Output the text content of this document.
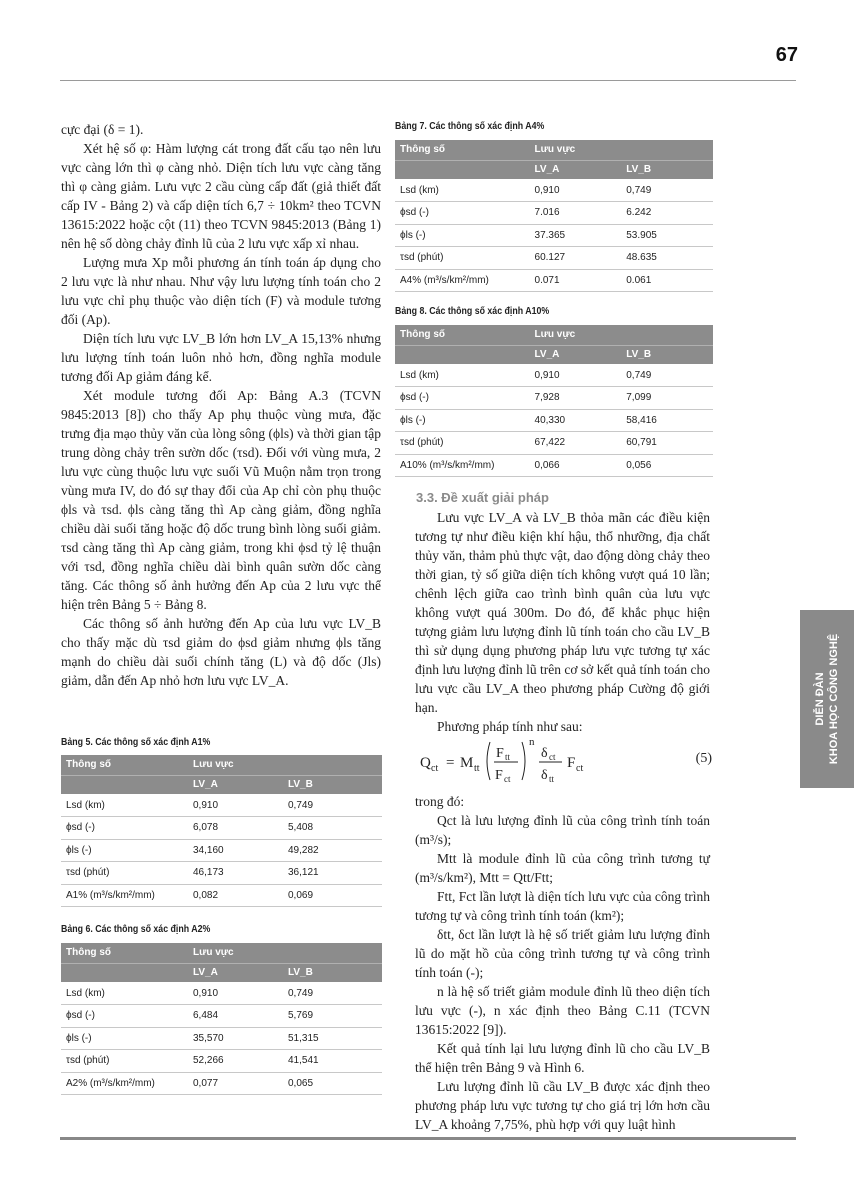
67
DIỄN ĐÀN KHOA HỌC CÔNG NGHỆ

cực đại (δ = 1).

Xét hệ số φ: Hàm lượng cát trong đất cấu tạo nên lưu vực càng lớn thì φ càng nhỏ. Diện tích lưu vực càng tăng thì φ càng giảm. Lưu vực 2 cầu cùng cấp đất (giả thiết đất cấp IV - Bảng 2) và cấp diện tích 6,7 ÷ 10km² theo TCVN 13615:2022 hoặc cột (11) theo TCVN 9845:2013 (Bảng 1) nên hệ số dòng chảy đỉnh lũ của 2 lưu vực xấp xỉ nhau.

Lượng mưa Xp mỗi phương án tính toán áp dụng cho 2 lưu vực là như nhau. Như vậy lưu lượng tính toán cho 2 lưu vực chỉ phụ thuộc vào diện tích (F) và module tương đối (Ap).

Diện tích lưu vực LV_B lớn hơn LV_A 15,13% nhưng lưu lượng tính toán luôn nhỏ hơn, đồng nghĩa module tương đối Ap giảm đáng kể.

Xét module tương đối Ap: Bảng A.3 (TCVN 9845:2013 [8]) cho thấy Ap phụ thuộc vùng mưa, đặc trưng địa mạo thủy văn của lòng sông (ϕls) và thời gian tập trung dòng chảy trên sườn dốc (τsd). Đối với vùng mưa, 2 lưu vực cùng thuộc lưu vực suối Vũ Muộn nằm trọn trong vùng mưa IV, do đó sự thay đổi của Ap chỉ còn phụ thuộc ϕls và τsd. ϕls càng tăng thì Ap càng giảm, đồng nghĩa chiều dài suối tăng hoặc độ dốc trung bình lòng suối giảm. τsd càng tăng thì Ap càng giảm, trong khi ϕsd tỷ lệ thuận với τsd, đồng nghĩa chiều dài bình quân sườn dốc càng tăng. Các thông số ảnh hưởng đến Ap của 2 lưu vực thể hiện trên Bảng 5 ÷ Bảng 8.

Các thông số ảnh hưởng đến Ap của lưu vực LV_B cho thấy mặc dù τsd giảm do ϕsd giảm nhưng ϕls tăng mạnh do chiều dài suối chính tăng (L) và độ dốc (Jls) giảm, dẫn đến Ap nhỏ hơn lưu vực LV_A.

Bảng 5. Các thông số xác định A1%
Thông số	Lưu vực	
	LV_A	LV_B
Lsd (km)	0,910	0,749
ϕsd (-)	6,078	5,408
ϕls (-)	34,160	49,282
τsd (phút)	46,173	36,121
A1% (m³/s/km²/mm)	0,082	0,069
Bảng 6. Các thông số xác định A2%
Thông số	Lưu vực	
	LV_A	LV_B
Lsd (km)	0,910	0,749
ϕsd (-)	6,484	5,769
ϕls (-)	35,570	51,315
τsd (phút)	52,266	41,541
A2% (m³/s/km²/mm)	0,077	0,065
Bảng 7. Các thông số xác định A4%
Thông số	Lưu vực	
	LV_A	LV_B
Lsd (km)	0,910	0,749
ϕsd (-)	7.016	6.242
ϕls (-)	37.365	53.905
τsd (phút)	60.127	48.635
A4% (m³/s/km²/mm)	0.071	0.061
Bảng 8. Các thông số xác định A10%
Thông số	Lưu vực	
	LV_A	LV_B
Lsd (km)	0,910	0,749
ϕsd (-)	7,928	7,099
ϕls (-)	40,330	58,416
τsd (phút)	67,422	60,791
A10% (m³/s/km²/mm)	0,066	0,056
3.3. Đề xuất giải pháp

Lưu vực LV_A và LV_B thỏa mãn các điều kiện tương tự như điều kiện khí hậu, thổ nhưỡng, địa chất thủy văn, thảm phủ thực vật, dao động dòng chảy theo thời gian, tỷ số giữa diện tích không vượt quá 10 lần; chênh lệch giữa cao trình bình quân của lưu vực không vượt quá 300m. Do đó, để khắc phục hiện tượng giảm lưu lượng đỉnh lũ tính toán cho cầu LV_B thì sử dụng dụng phương pháp lưu vực tương tự xác định lưu lượng đỉnh lũ trên cơ sở kết quả tính toán cho lưu vực cầu LV_A theo phương pháp Cường độ giới hạn.

Phương pháp tính như sau:

Q ct = M tt
F tt
F ct
n
δ ct
δ tt
F ct
(5)

trong đó:

Qct là lưu lượng đỉnh lũ của công trình tính toán (m³/s);

Mtt là module đỉnh lũ của công trình tương tự (m³/s/km²), Mtt = Qtt/Ftt;

Ftt, Fct lần lượt là diện tích lưu vực của công trình tương tự và công trình tính toán (km²);

δtt, δct lần lượt là hệ số triết giảm lưu lượng đỉnh lũ do mặt hồ của công trình tương tự và công trình tính toán (-);

n là hệ số triết giảm module đỉnh lũ theo diện tích lưu vực (-), n xác định theo Bảng C.11 (TCVN 13615:2022 [9]).

Kết quả tính lại lưu lượng đỉnh lũ cho cầu LV_B thể hiện trên Bảng 9 và Hình 6.

Lưu lượng đỉnh lũ cầu LV_B được xác định theo phương pháp lưu vực tương tự cho giá trị lớn hơn cầu LV_A khoảng 7,75%, phù hợp với quy luật hình
